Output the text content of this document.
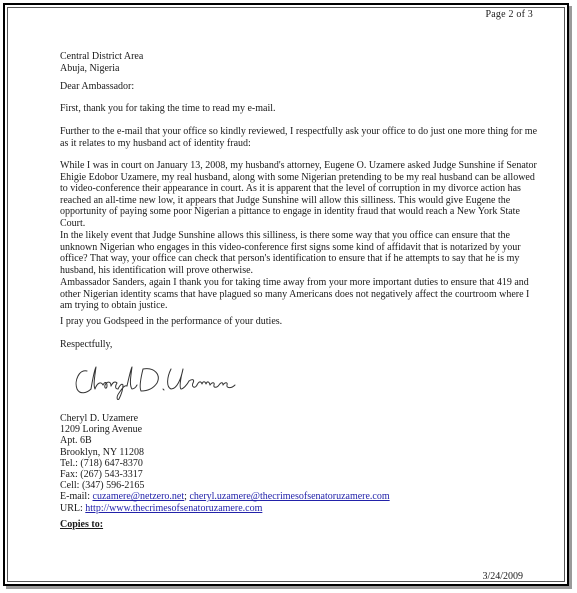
Page 2 of 3
Central District Area
Abuja, Nigeria
Dear Ambassador:

First, thank you for taking the time to read my e-mail.

Further to the e-mail that your office so kindly reviewed, I respectfully ask your office to do just one more thing for me as it relates to my husband act of identity fraud:

While I was in court on January 13, 2008, my husband's attorney, Eugene O. Uzamere asked Judge Sunshine if Senator Ehigie Edobor Uzamere, my real husband, along with some Nigerian pretending to be my real husband can be allowed to video-conference their appearance in court. As it is apparent that the level of corruption in my divorce action has reached an all-time new low, it appears that Judge Sunshine will allow this silliness. This would give Eugene the opportunity of paying some poor Nigerian a pittance to engage in identity fraud that would reach a New York State Court.

In the likely event that Judge Sunshine allows this silliness, is there some way that you office can ensure that the unknown Nigerian who engages in this video-conference first signs some kind of affidavit that is notarized by your office? That way, your office can check that person's identification to ensure that if he attempts to say that he is my husband, his identification will prove otherwise.

Ambassador Sanders, again I thank you for taking time away from your more important duties to ensure that 419 and other Nigerian identity scams that have plagued so many Americans does not negatively affect the courtroom where I am trying to obtain justice.

I pray you Godspeed in the performance of your duties.

Respectfully,
Cheryl D. Uzamere
1209 Loring Avenue
Apt. 6B
Brooklyn, NY 11208
Tel.: (718) 647-8370
Fax: (267) 543-3317
Cell: (347) 596-2165
E-mail: cuzamere@netzero.net; cheryl.uzamere@thecrimesofsenatoruzamere.com
URL: http://www.thecrimesofsenatoruzamere.com
Copies to:
3/24/2009
